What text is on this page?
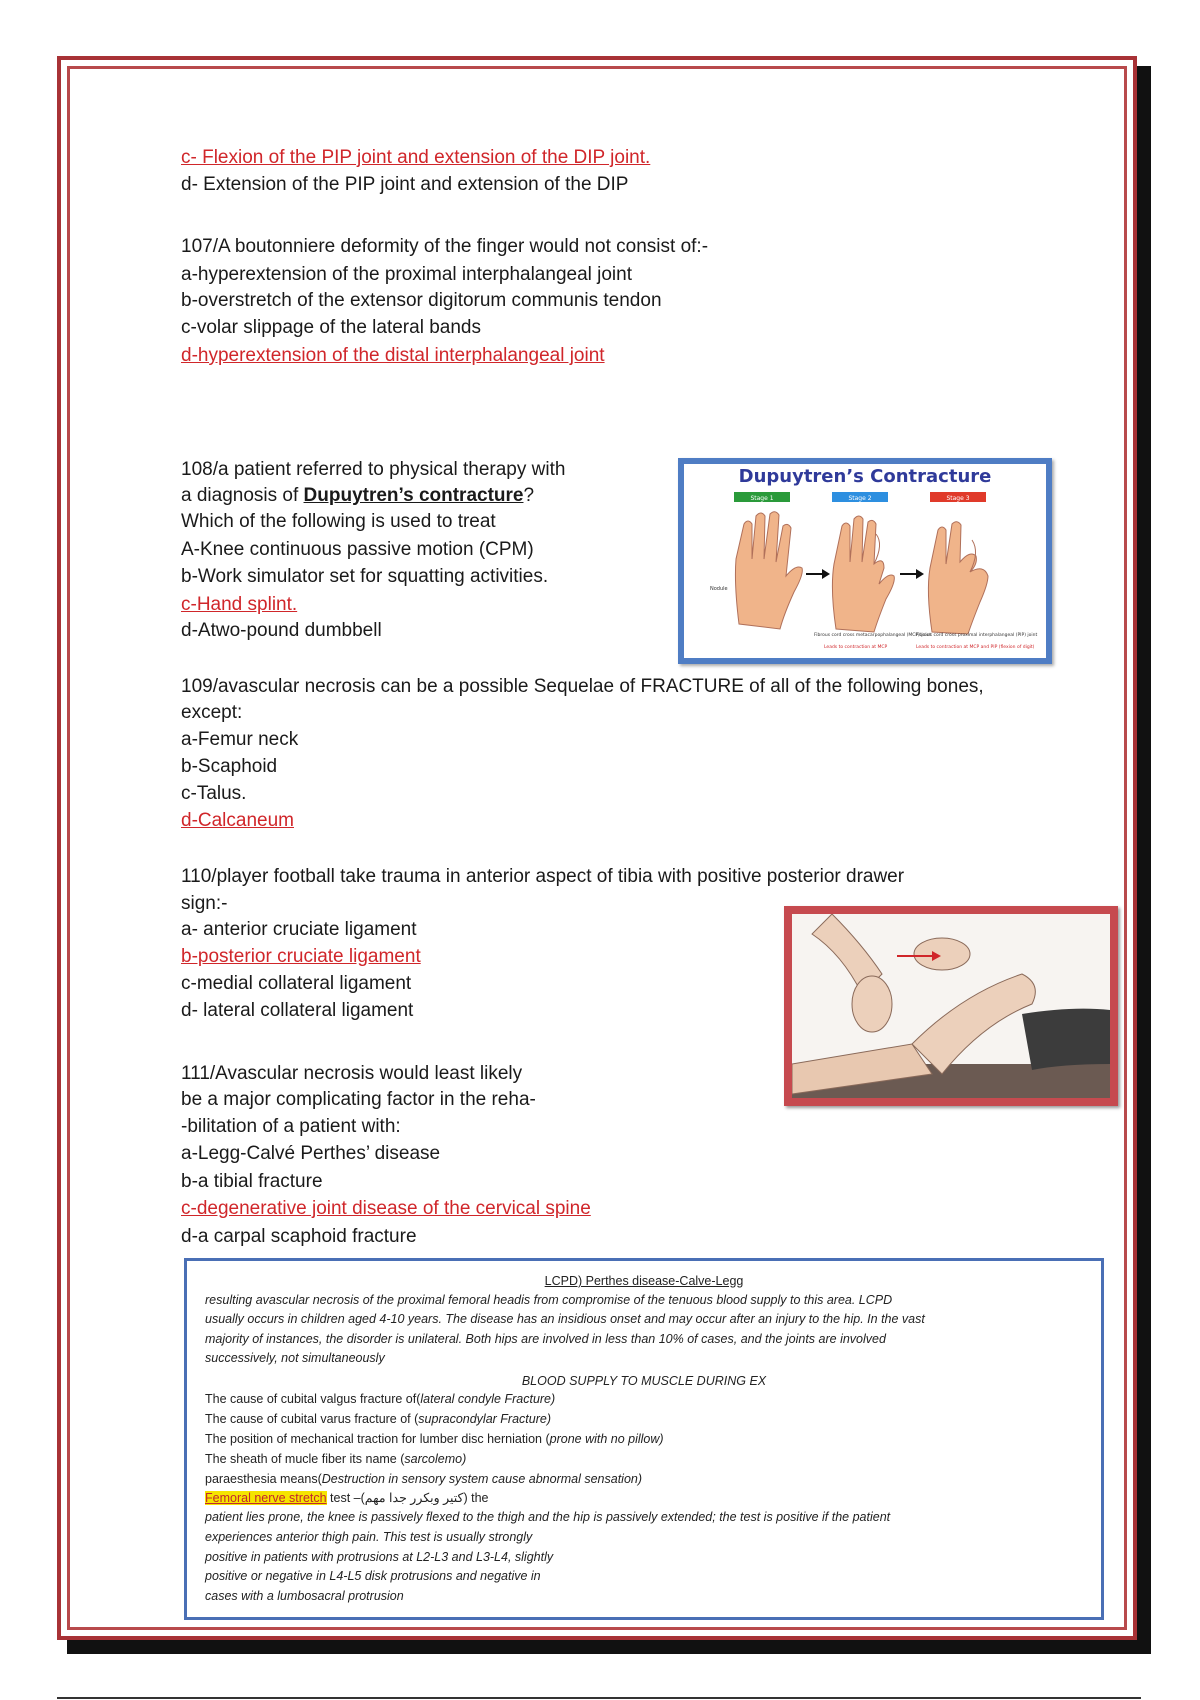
c- Flexion of the PIP joint and extension of the DIP joint.
d- Extension of the PIP joint and extension of the DIP
107/A boutonniere deformity of the finger would not consist of:-
a-hyperextension of the proximal interphalangeal joint
b-overstretch of the extensor digitorum communis tendon
c-volar slippage of the lateral bands
d-hyperextension of the distal interphalangeal joint
108/a patient referred to physical therapy with
a diagnosis of Dupuytren’s contracture?
Which of the following is used to treat
A-Knee continuous passive motion (CPM)
b-Work simulator set for squatting activities.
c-Hand splint.
d-Atwo-pound dumbbell
Dupuytren’s Contracture
Stage 1	Stage 2	Stage 3
Nodule
Fibrous cord cross metacarpophalangeal (MCP) joint
Fibrous cord cross proximal interphalangeal (PIP) joint
Leads to contraction at MCP	Leads to contraction at MCP and PIP (flexion of digit)
109/avascular necrosis can be a possible Sequelae of FRACTURE of all of the following bones,
except:
a-Femur neck
b-Scaphoid
c-Talus.
d-Calcaneum
110/player football take trauma in anterior aspect of tibia with positive posterior drawer
sign:-
a- anterior cruciate ligament
b-posterior cruciate ligament
c-medial collateral ligament
d- lateral collateral ligament
111/Avascular necrosis would least likely
be a major complicating factor in the reha-
-bilitation of a patient with:
a-Legg-Calvé Perthes’ disease
b-a tibial fracture
c-degenerative joint disease of the cervical spine
d-a carpal scaphoid fracture
LCPD) Perthes disease-Calve-Legg
resulting avascular necrosis of the proximal femoral headis from compromise of the tenuous blood supply to this area. LCPD
usually occurs in children aged 4-10 years. The disease has an insidious onset and may occur after an injury to the hip. In the vast
majority of instances, the disorder is unilateral. Both hips are involved in less than 10% of cases, and the joints are involved
successively, not simultaneously
BLOOD SUPPLY TO MUSCLE DURING EX
The cause of cubital valgus fracture of(lateral condyle Fracture)
The cause of cubital varus fracture of (supracondylar Fracture)
The position of mechanical traction for lumber disc herniation (prone with no pillow)
The sheath of mucle fiber its name (sarcolemo)
paraesthesia means(Destruction in sensory system cause abnormal sensation)
Femoral nerve stretch test –(كتير وبكرر جدا مهم) the
patient lies prone, the knee is passively flexed to the thigh and the hip is passively extended; the test is positive if the patient
experiences anterior thigh pain. This test is usually strongly
positive in patients with protrusions at L2-L3 and L3-L4, slightly
positive or negative in L4-L5 disk protrusions and negative in
cases with a lumbosacral protrusion
